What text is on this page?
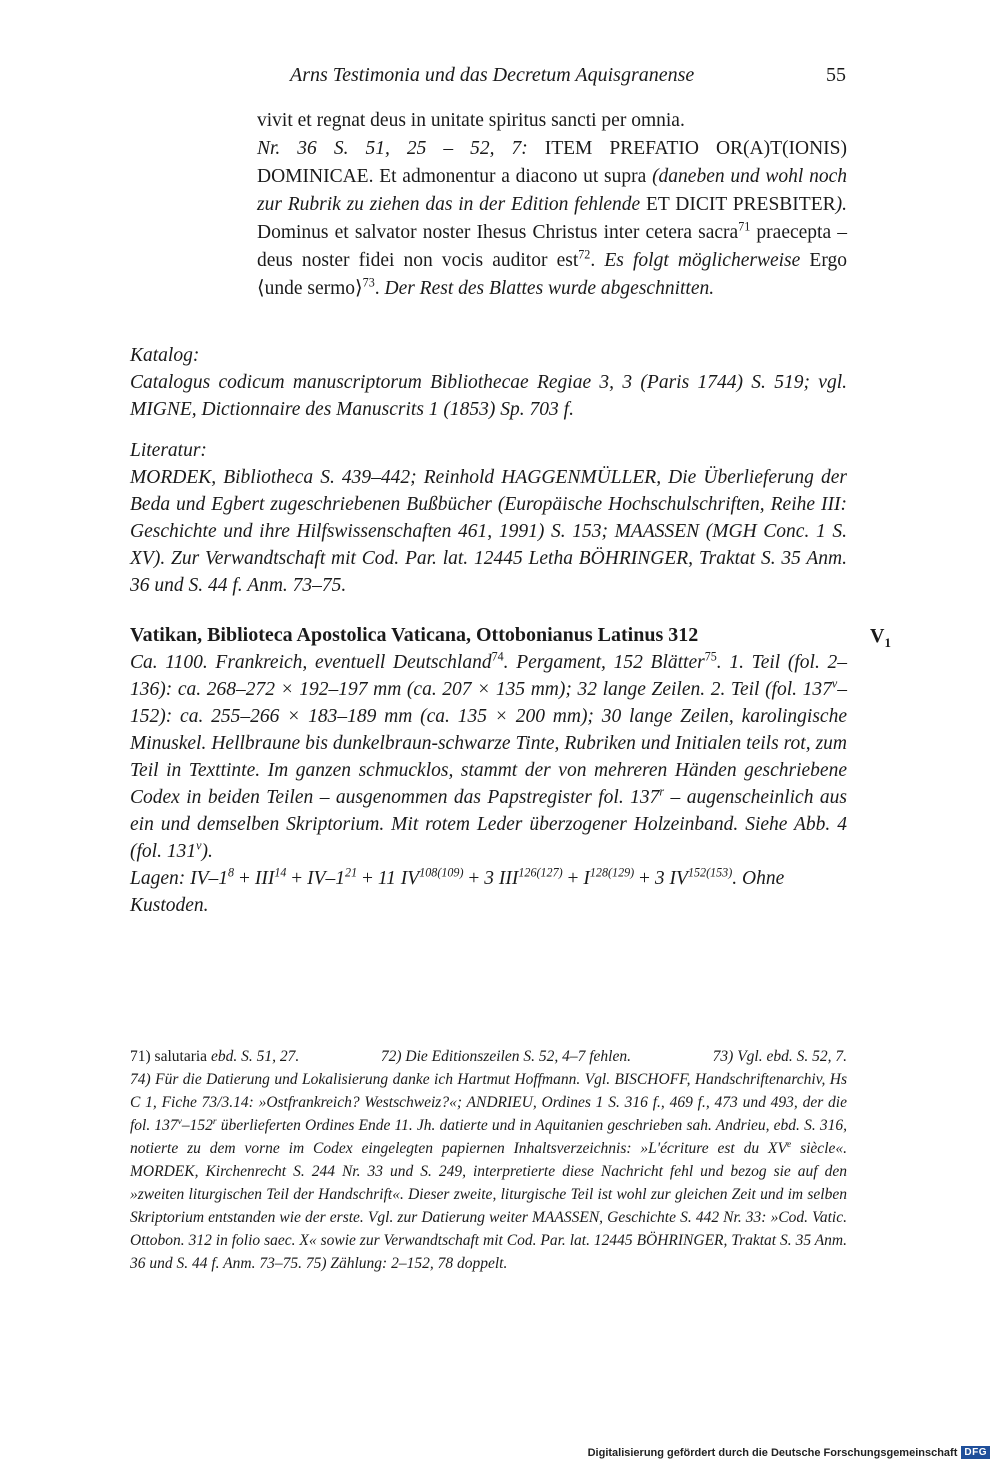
Arns Testimonia und das Decretum Aquisgranense	55

vivit et regnat deus in unitate spiritus sancti per omnia.
Nr. 36 S. 51, 25 – 52, 7: ITEM PREFATIO OR(A)T(IONIS) DOMINICAE. Et admonentur a diacono ut supra (daneben und wohl noch zur Rubrik zu ziehen das in der Edition fehlende ET DICIT PRESBITER). Dominus et salvator noster Ihesus Christus inter cetera sacra$^{71}$ praecepta – deus noster fidei non vocis auditor est$^{72}$. Es folgt möglicherweise Ergo ⟨unde sermo⟩$^{73}$. Der Rest des Blattes wurde abgeschnitten.

Katalog:

Catalogus codicum manuscriptorum Bibliothecae Regiae 3, 3 (Paris 1744) S. 519; vgl. MIGNE, Dictionnaire des Manuscrits 1 (1853) Sp. 703 f.

Literatur:

MORDEK, Bibliotheca S. 439–442; Reinhold HAGGENMÜLLER, Die Überlieferung der Beda und Egbert zugeschriebenen Bußbücher (Europäische Hochschulschriften, Reihe III: Geschichte und ihre Hilfswissenschaften 461, 1991) S. 153; MAASSEN (MGH Conc. 1 S. XV). Zur Verwandtschaft mit Cod. Par. lat. 12445 Letha BÖHRINGER, Traktat S. 35 Anm. 36 und S. 44 f. Anm. 73–75.

Vatikan, Biblioteca Apostolica Vaticana, Ottobonianus Latinus 312

Ca. 1100. Frankreich, eventuell Deutschland$^{74}$. Pergament, 152 Blätter$^{75}$. 1. Teil (fol. 2–136): ca. 268–272 × 192–197 mm (ca. 207 × 135 mm); 32 lange Zeilen. 2. Teil (fol. 137$^v$–152): ca. 255–266 × 183–189 mm (ca. 135 × 200 mm); 30 lange Zeilen, karolingische Minuskel. Hellbraune bis dunkelbraun-schwarze Tinte, Rubriken und Initialen teils rot, zum Teil in Texttinte. Im ganzen schmucklos, stammt der von mehreren Händen geschriebene Codex in beiden Teilen – ausgenommen das Papstregister fol. 137$^r$ – augenscheinlich aus ein und demselben Skriptorium. Mit rotem Leder überzogener Holzeinband. Siehe Abb. 4 (fol. 131$^v$).

Lagen: $IV-1^8 + III^{14} + IV-1^{21} + 11$ $IV^{108(109)} + 3$ $III^{126(127)} + I^{128(129)} + 3$ $IV^{152(153)}$. Ohne Kustoden.

$V_1$
71) salutaria ebd. S. 51, 27.	72) Die Editionszeilen S. 52, 4–7 fehlen.	73) Vgl. ebd. S. 52, 7.

74) Für die Datierung und Lokalisierung danke ich Hartmut Hoffmann. Vgl. BISCHOFF, Handschriftenarchiv, Hs C 1, Fiche 73/3.14: »Ostfrankreich? Westschweiz?«; ANDRIEU, Ordines 1 S. 316 f., 469 f., 473 und 493, der die fol. 137$^v$–152$^r$ überlieferten Ordines Ende 11. Jh. datierte und in Aquitanien geschrieben sah. Andrieu, ebd. S. 316, notierte zu dem vorne im Codex eingelegten papiernen Inhaltsverzeichnis: »L'écriture est du XVe siècle«. MORDEK, Kirchenrecht S. 244 Nr. 33 und S. 249, interpretierte diese Nachricht fehl und bezog sie auf den »zweiten liturgischen Teil der Handschrift«. Dieser zweite, liturgische Teil ist wohl zur gleichen Zeit und im selben Skriptorium entstanden wie der erste. Vgl. zur Datierung weiter MAASSEN, Geschichte S. 442 Nr. 33: »Cod. Vatic. Ottobon. 312 in folio saec. X« sowie zur Verwandtschaft mit Cod. Par. lat. 12445 BÖHRINGER, Traktat S. 35 Anm. 36 und S. 44 f. Anm. 73–75. 75) Zählung: 2–152, 78 doppelt.

Digitalisierung gefördert durch die Deutsche Forschungsgemeinschaft DFG
